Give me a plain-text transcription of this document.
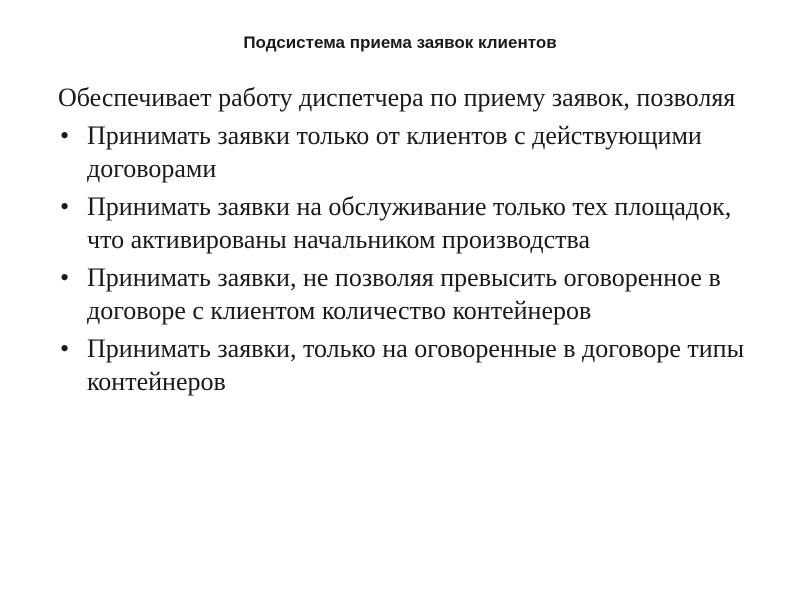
Подсистема приема заявок клиентов

Обеспечивает работу диспетчера по приему заявок, позволяя

• Принимать заявки только от клиентов с действующими договорами
• Принимать заявки на обслуживание только тех площадок, что активированы начальником производства
• Принимать заявки, не позволяя превысить оговоренное в договоре с клиентом количество контейнеров
• Принимать заявки, только на оговоренные в договоре типы контейнеров
